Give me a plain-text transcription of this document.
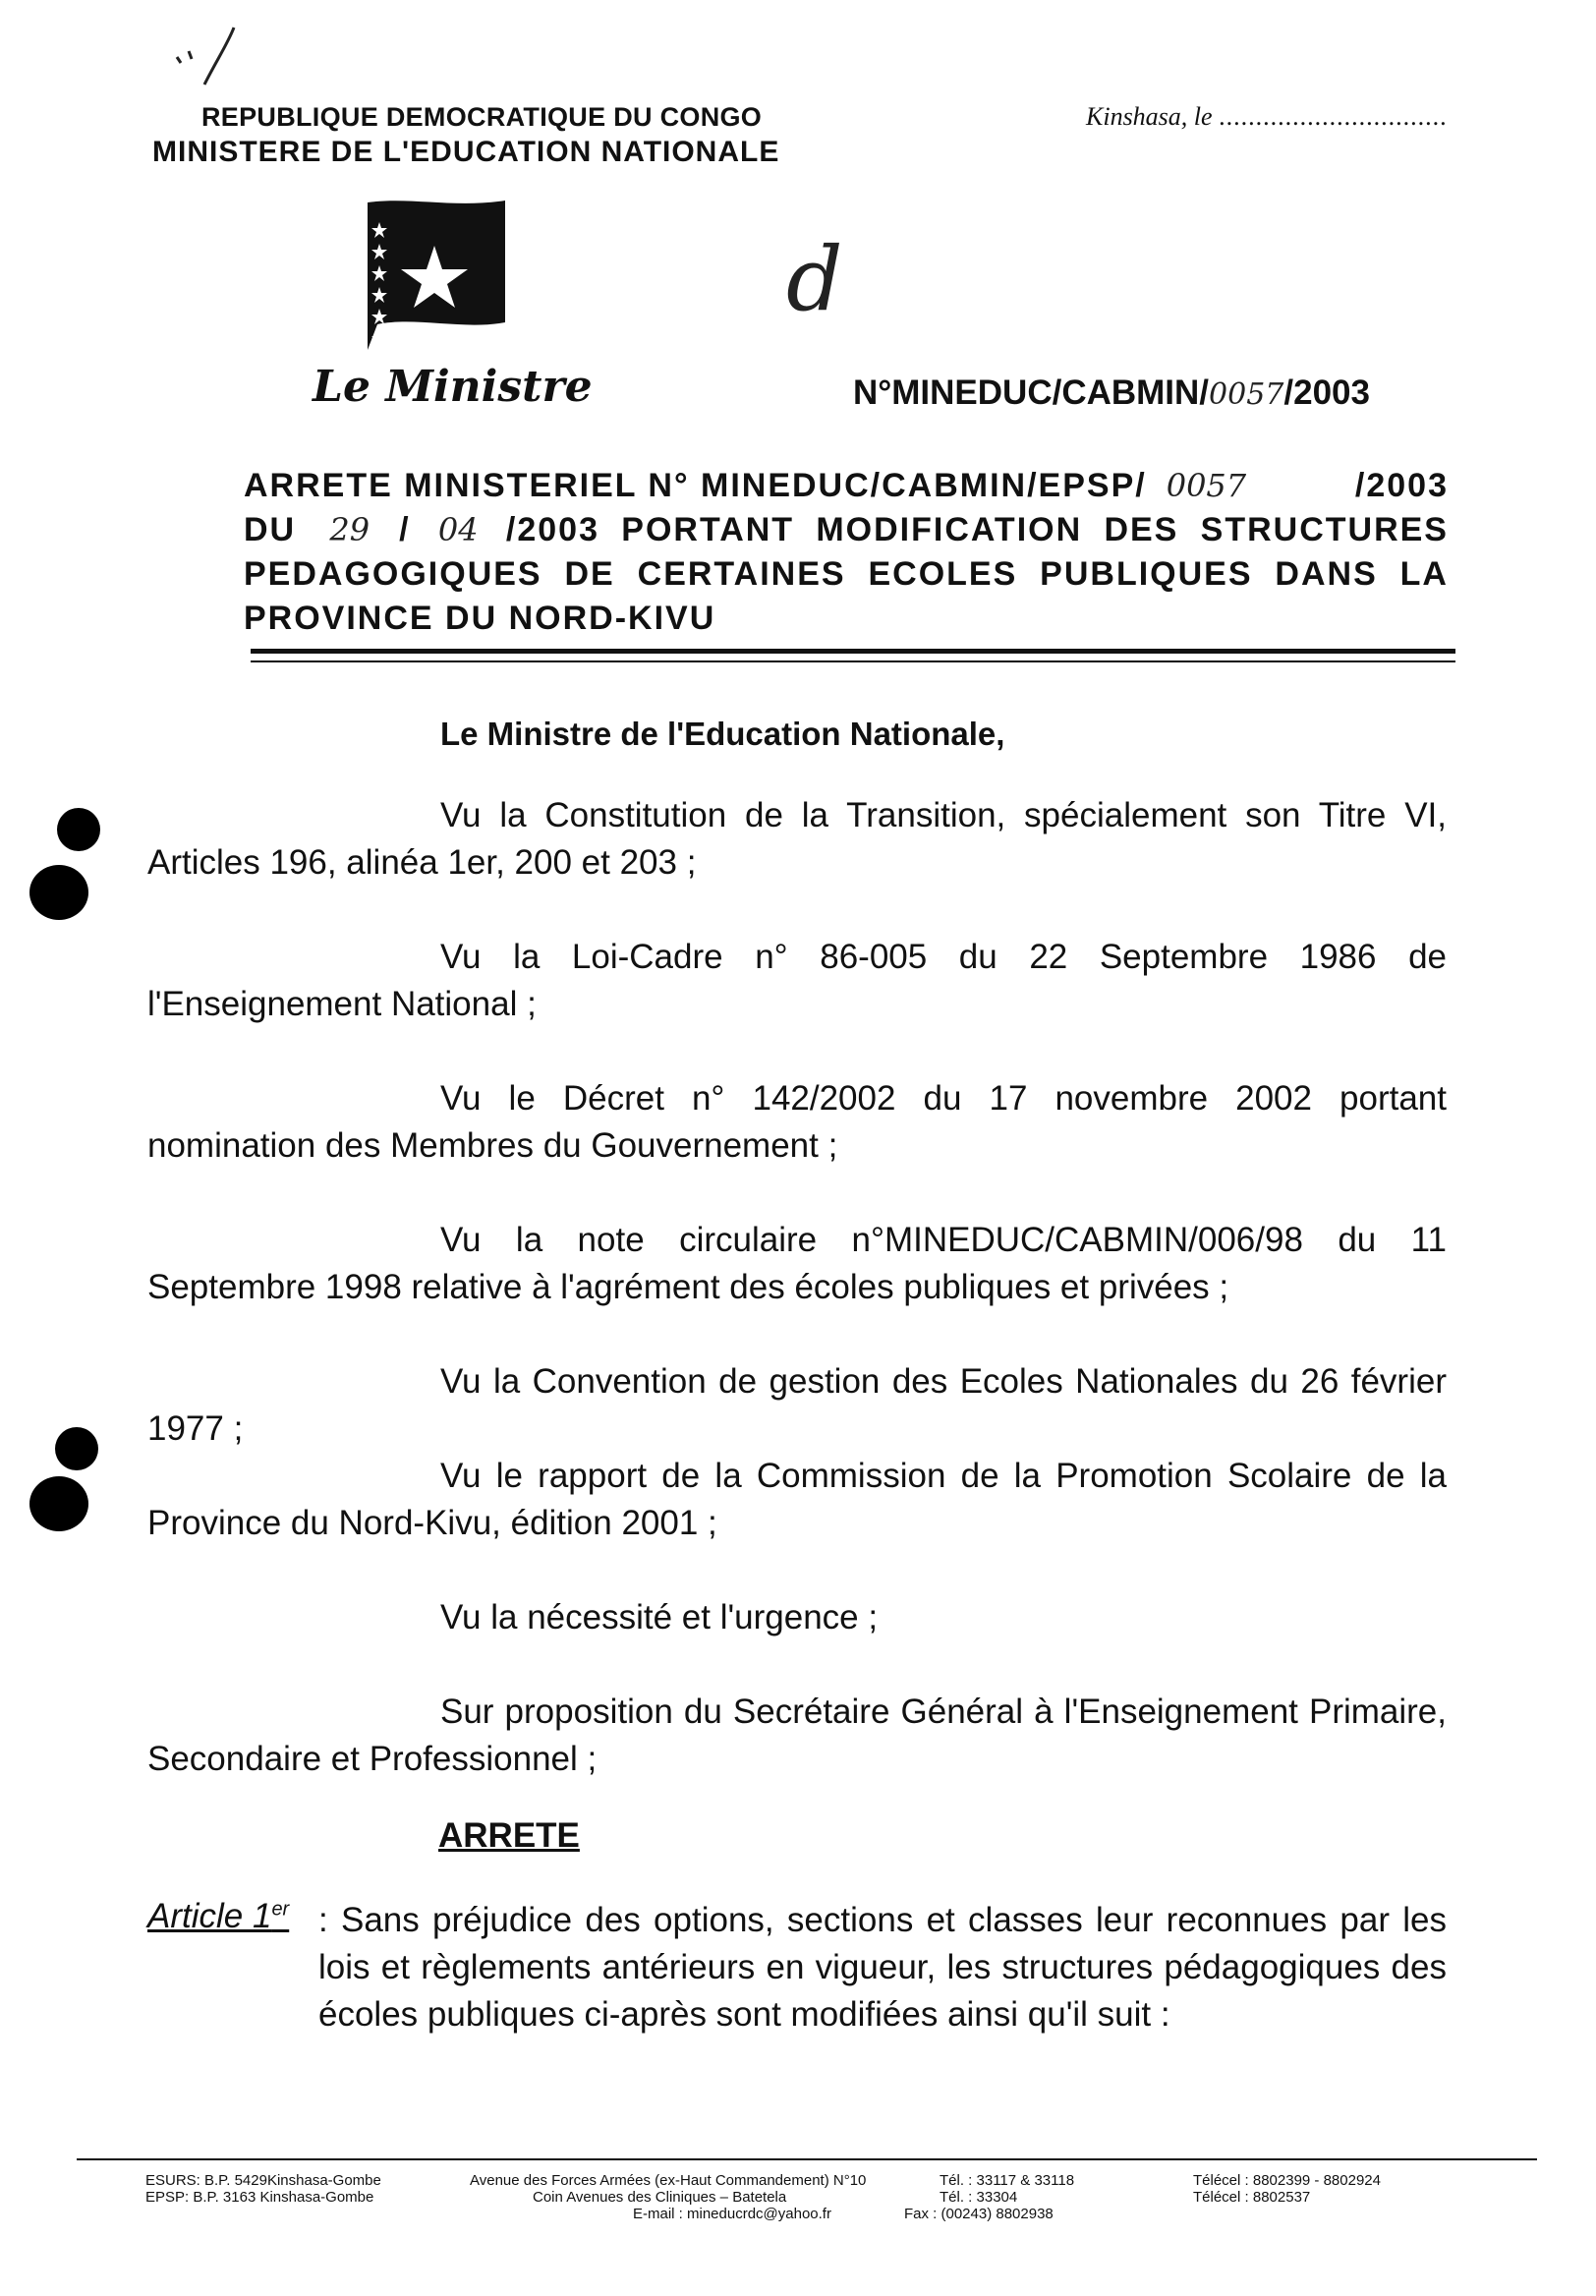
REPUBLIQUE DEMOCRATIQUE DU CONGO
MINISTERE DE L'EDUCATION NATIONALE
Kinshasa, le ...............................
d
Le Ministre	N°MINEDUC/CABMIN/0057/2003
ARRETE MINISTERIEL N° MINEDUC/CABMIN/EPSP/ 0057	/2003
DU 29 / 04 /2003 PORTANT MODIFICATION DES STRUCTURES PEDAGOGIQUES DE CERTAINES ECOLES PUBLIQUES DANS LA PROVINCE DU NORD-KIVU
Le Ministre de l'Education Nationale,
Vu la Constitution de la Transition, spécialement son Titre VI, Articles 196, alinéa 1er, 200 et 203 ;
Vu la Loi-Cadre n° 86-005 du 22 Septembre 1986 de l'Enseignement National ;
Vu le Décret n° 142/2002 du 17 novembre 2002 portant nomination des Membres du Gouvernement ;
Vu la note circulaire n°MINEDUC/CABMIN/006/98 du 11 Septembre 1998 relative à l'agrément des écoles publiques et privées ;
Vu la Convention de gestion des Ecoles Nationales du 26 février 1977 ;
Vu le rapport de la Commission de la Promotion Scolaire de la Province du Nord-Kivu, édition 2001 ;
Vu la nécessité et l'urgence ;
Sur proposition du Secrétaire Général à l'Enseignement Primaire, Secondaire et Professionnel ;
ARRETE
Article 1er : Sans préjudice des options, sections et classes leur reconnues par les lois et règlements antérieurs en vigueur, les structures pédagogiques des écoles publiques ci-après sont modifiées ainsi qu'il suit :
ESURS: B.P. 5429Kinshasa-Gombe
EPSP: B.P. 3163 Kinshasa-Gombe
Avenue des Forces Armées (ex-Haut Commandement) N°10
Coin Avenues des Cliniques – Batetela
E-mail : mineducrdc@yahoo.fr
Tél. : 33117 & 33118
Tél. : 33304
Fax : (00243) 8802938
Télécel : 8802399 - 8802924
Télécel : 8802537
